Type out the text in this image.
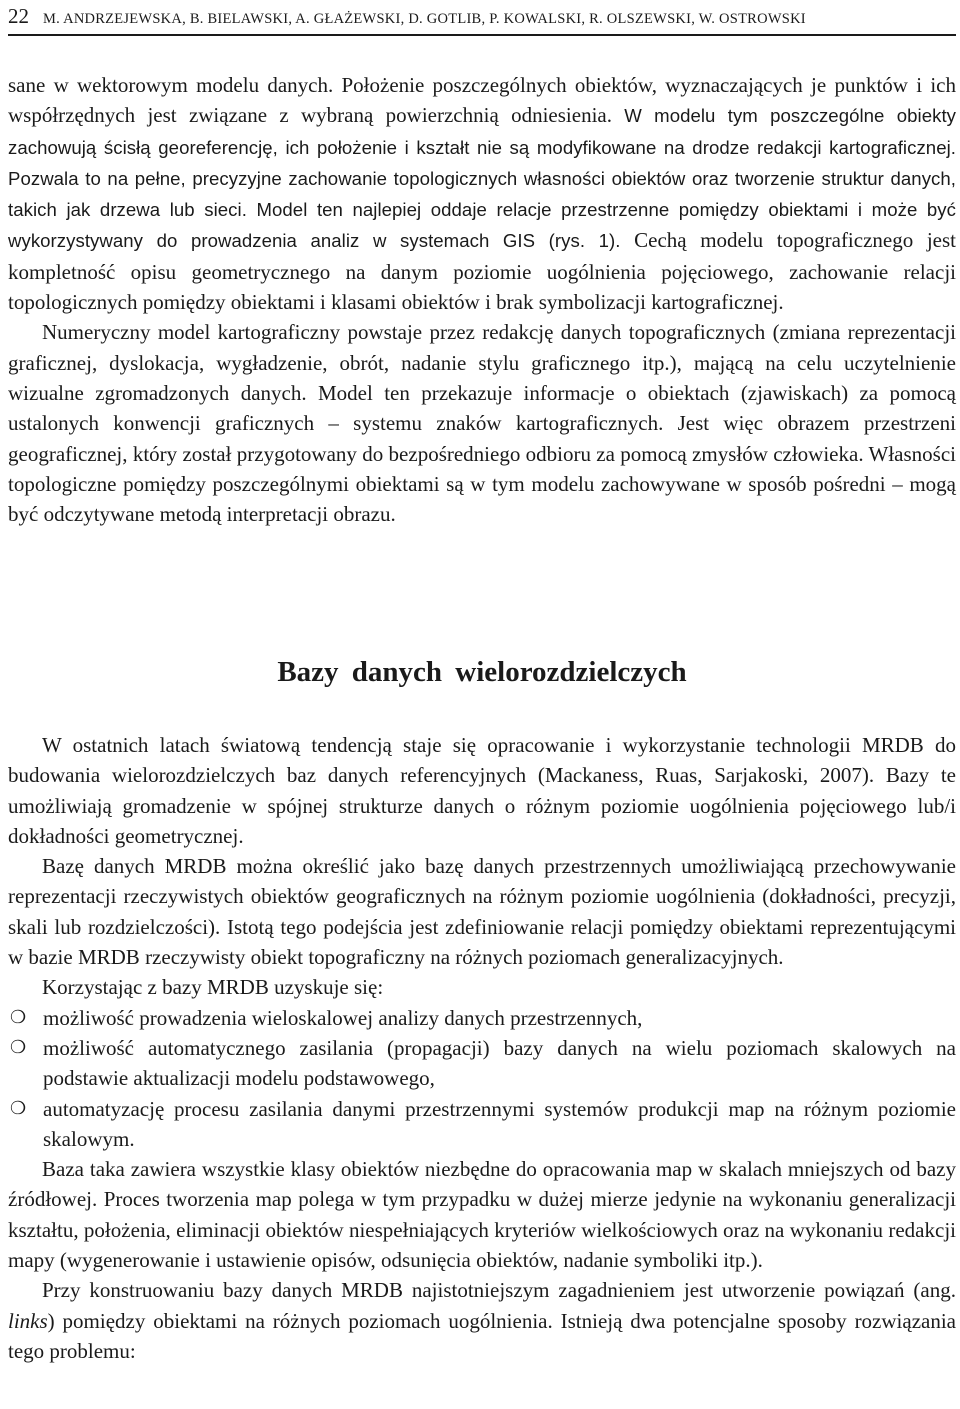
22 M. ANDRZEJEWSKA, B. BIELAWSKI, A. GŁAŻEWSKI, D. GOTLIB, P. KOWALSKI, R. OLSZEWSKI, W. OSTROWSKI

sane w wektorowym modelu danych. Położenie poszczególnych obiektów, wyznaczających je punktów i ich współrzędnych jest związane z wybraną powierzchnią odniesienia. W modelu tym poszczególne obiekty zachowują ścisłą georeferencję, ich położenie i kształt nie są modyfikowane na drodze redakcji kartograficznej. Pozwala to na pełne, precyzyjne zachowanie topologicznych własności obiektów oraz tworzenie struktur danych, takich jak drzewa lub sieci. Model ten najlepiej oddaje relacje przestrzenne pomiędzy obiektami i może być wykorzystywany do prowadzenia analiz w systemach GIS (rys. 1). Cechą modelu topograficznego jest kompletność opisu geometrycznego na danym poziomie uogólnienia pojęciowego, zachowanie relacji topologicznych pomiędzy obiektami i klasami obiektów i brak symbolizacji kartograficznej.

Numeryczny model kartograficzny powstaje przez redakcję danych topograficznych (zmiana reprezentacji graficznej, dyslokacja, wygładzenie, obrót, nadanie stylu graficznego itp.), mającą na celu uczytelnienie wizualne zgromadzonych danych. Model ten przekazuje informacje o obiektach (zjawiskach) za pomocą ustalonych konwencji graficznych – systemu znaków kartograficznych. Jest więc obrazem przestrzeni geograficznej, który został przygotowany do bezpośredniego odbioru za pomocą zmysłów człowieka. Własności topologiczne pomiędzy poszczególnymi obiektami są w tym modelu zachowywane w sposób pośredni – mogą być odczytywane metodą interpretacji obrazu.

Bazy danych wielorozdzielczych

W ostatnich latach światową tendencją staje się opracowanie i wykorzystanie technologii MRDB do budowania wielorozdzielczych baz danych referencyjnych (Mackaness, Ruas, Sarjakoski, 2007). Bazy te umożliwiają gromadzenie w spójnej strukturze danych o różnym poziomie uogólnienia pojęciowego lub/i dokładności geometrycznej.

Bazę danych MRDB można określić jako bazę danych przestrzennych umożliwiającą przechowywanie reprezentacji rzeczywistych obiektów geograficznych na różnym poziomie uogólnienia (dokładności, precyzji, skali lub rozdzielczości). Istotą tego podejścia jest zdefiniowanie relacji pomiędzy obiektami reprezentującymi w bazie MRDB rzeczywisty obiekt topograficzny na różnych poziomach generalizacyjnych.

Korzystając z bazy MRDB uzyskuje się:

❍ możliwość prowadzenia wieloskalowej analizy danych przestrzennych,
❍ możliwość automatycznego zasilania (propagacji) bazy danych na wielu poziomach skalowych na podstawie aktualizacji modelu podstawowego,
❍ automatyzację procesu zasilania danymi przestrzennymi systemów produkcji map na różnym poziomie skalowym.

Baza taka zawiera wszystkie klasy obiektów niezbędne do opracowania map w skalach mniejszych od bazy źródłowej. Proces tworzenia map polega w tym przypadku w dużej mierze jedynie na wykonaniu generalizacji kształtu, położenia, eliminacji obiektów niespełniających kryteriów wielkościowych oraz na wykonaniu redakcji mapy (wygenerowanie i ustawienie opisów, odsunięcia obiektów, nadanie symboliki itp.).

Przy konstruowaniu bazy danych MRDB najistotniejszym zagadnieniem jest utworzenie powiązań (ang. links) pomiędzy obiektami na różnych poziomach uogólnienia. Istnieją dwa potencjalne sposoby rozwiązania tego problemu:
